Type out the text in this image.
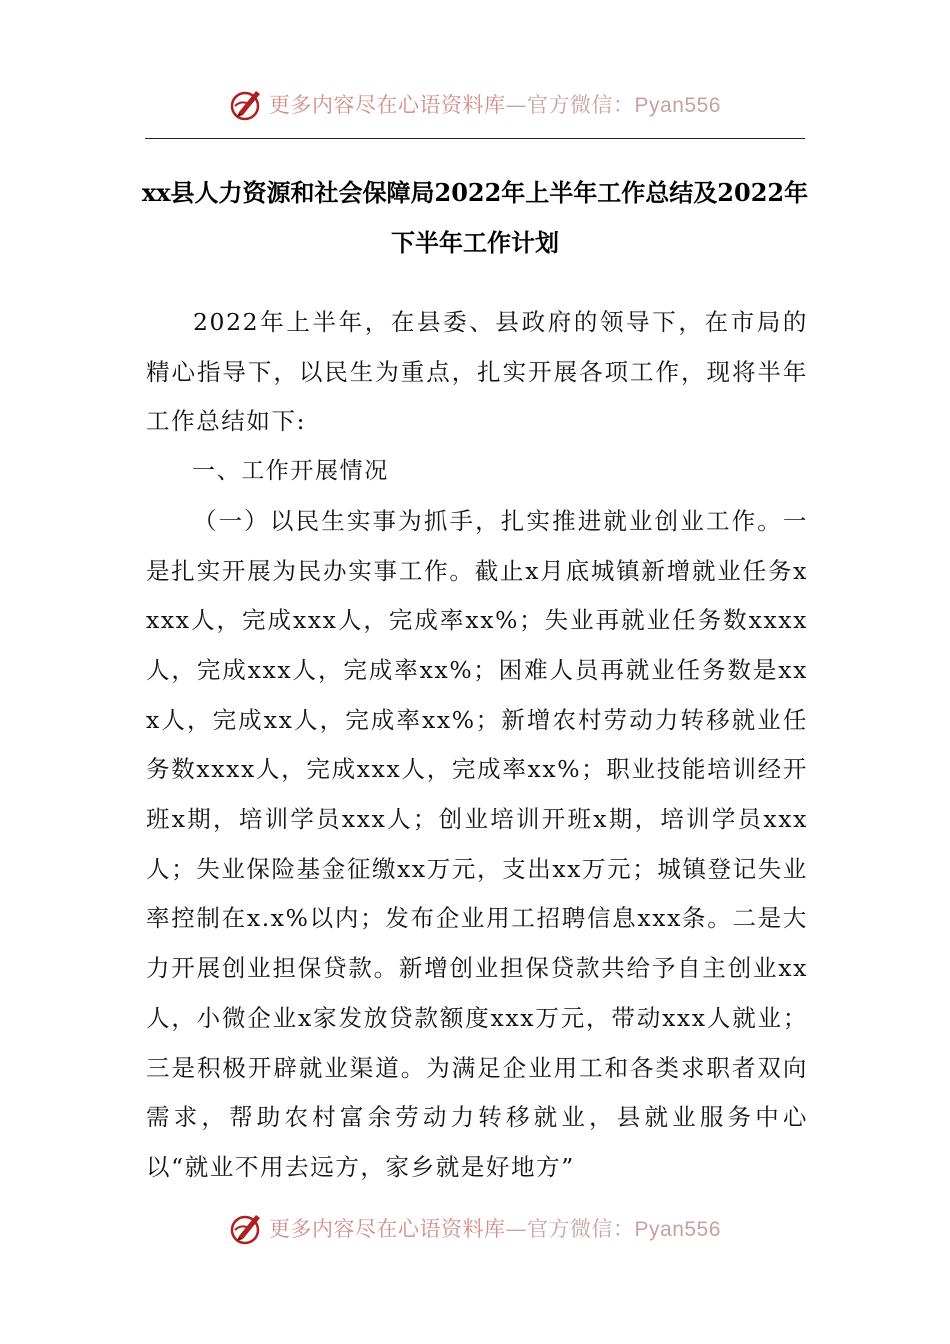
更多内容尽在心语资料库—官方微信：Pyan556
xx县人力资源和社会保障局2022年上半年工作总结及2022年下半年工作计划

2022年上半年，在县委、县政府的领导下，在市局的精心指导下，以民生为重点，扎实开展各项工作，现将半年工作总结如下:

一、工作开展情况

（一）以民生实事为抓手，扎实推进就业创业工作。一是扎实开展为民办实事工作。截止x月底城镇新增就业任务xxxx人，完成xxx人，完成率xx%；失业再就业任务数xxxx人，完成xxx人，完成率xx%；困难人员再就业任务数是xxx人，完成xx人，完成率xx%；新增农村劳动力转移就业任务数xxxx人，完成xxx人，完成率xx%；职业技能培训经开班x期，培训学员xxx人；创业培训开班x期，培训学员xxx人；失业保险基金征缴xx万元，支出xx万元；城镇登记失业率控制在x.x%以内；发布企业用工招聘信息xxx条。二是大力开展创业担保贷款。新增创业担保贷款共给予自主创业xx人，小微企业x家发放贷款额度xxx万元，带动xxx人就业；三是积极开辟就业渠道。为满足企业用工和各类求职者双向需求，帮助农村富余劳动力转移就业，县就业服务中心以“就业不用去远方，家乡就是好地方”

更多内容尽在心语资料库—官方微信：Pyan556
